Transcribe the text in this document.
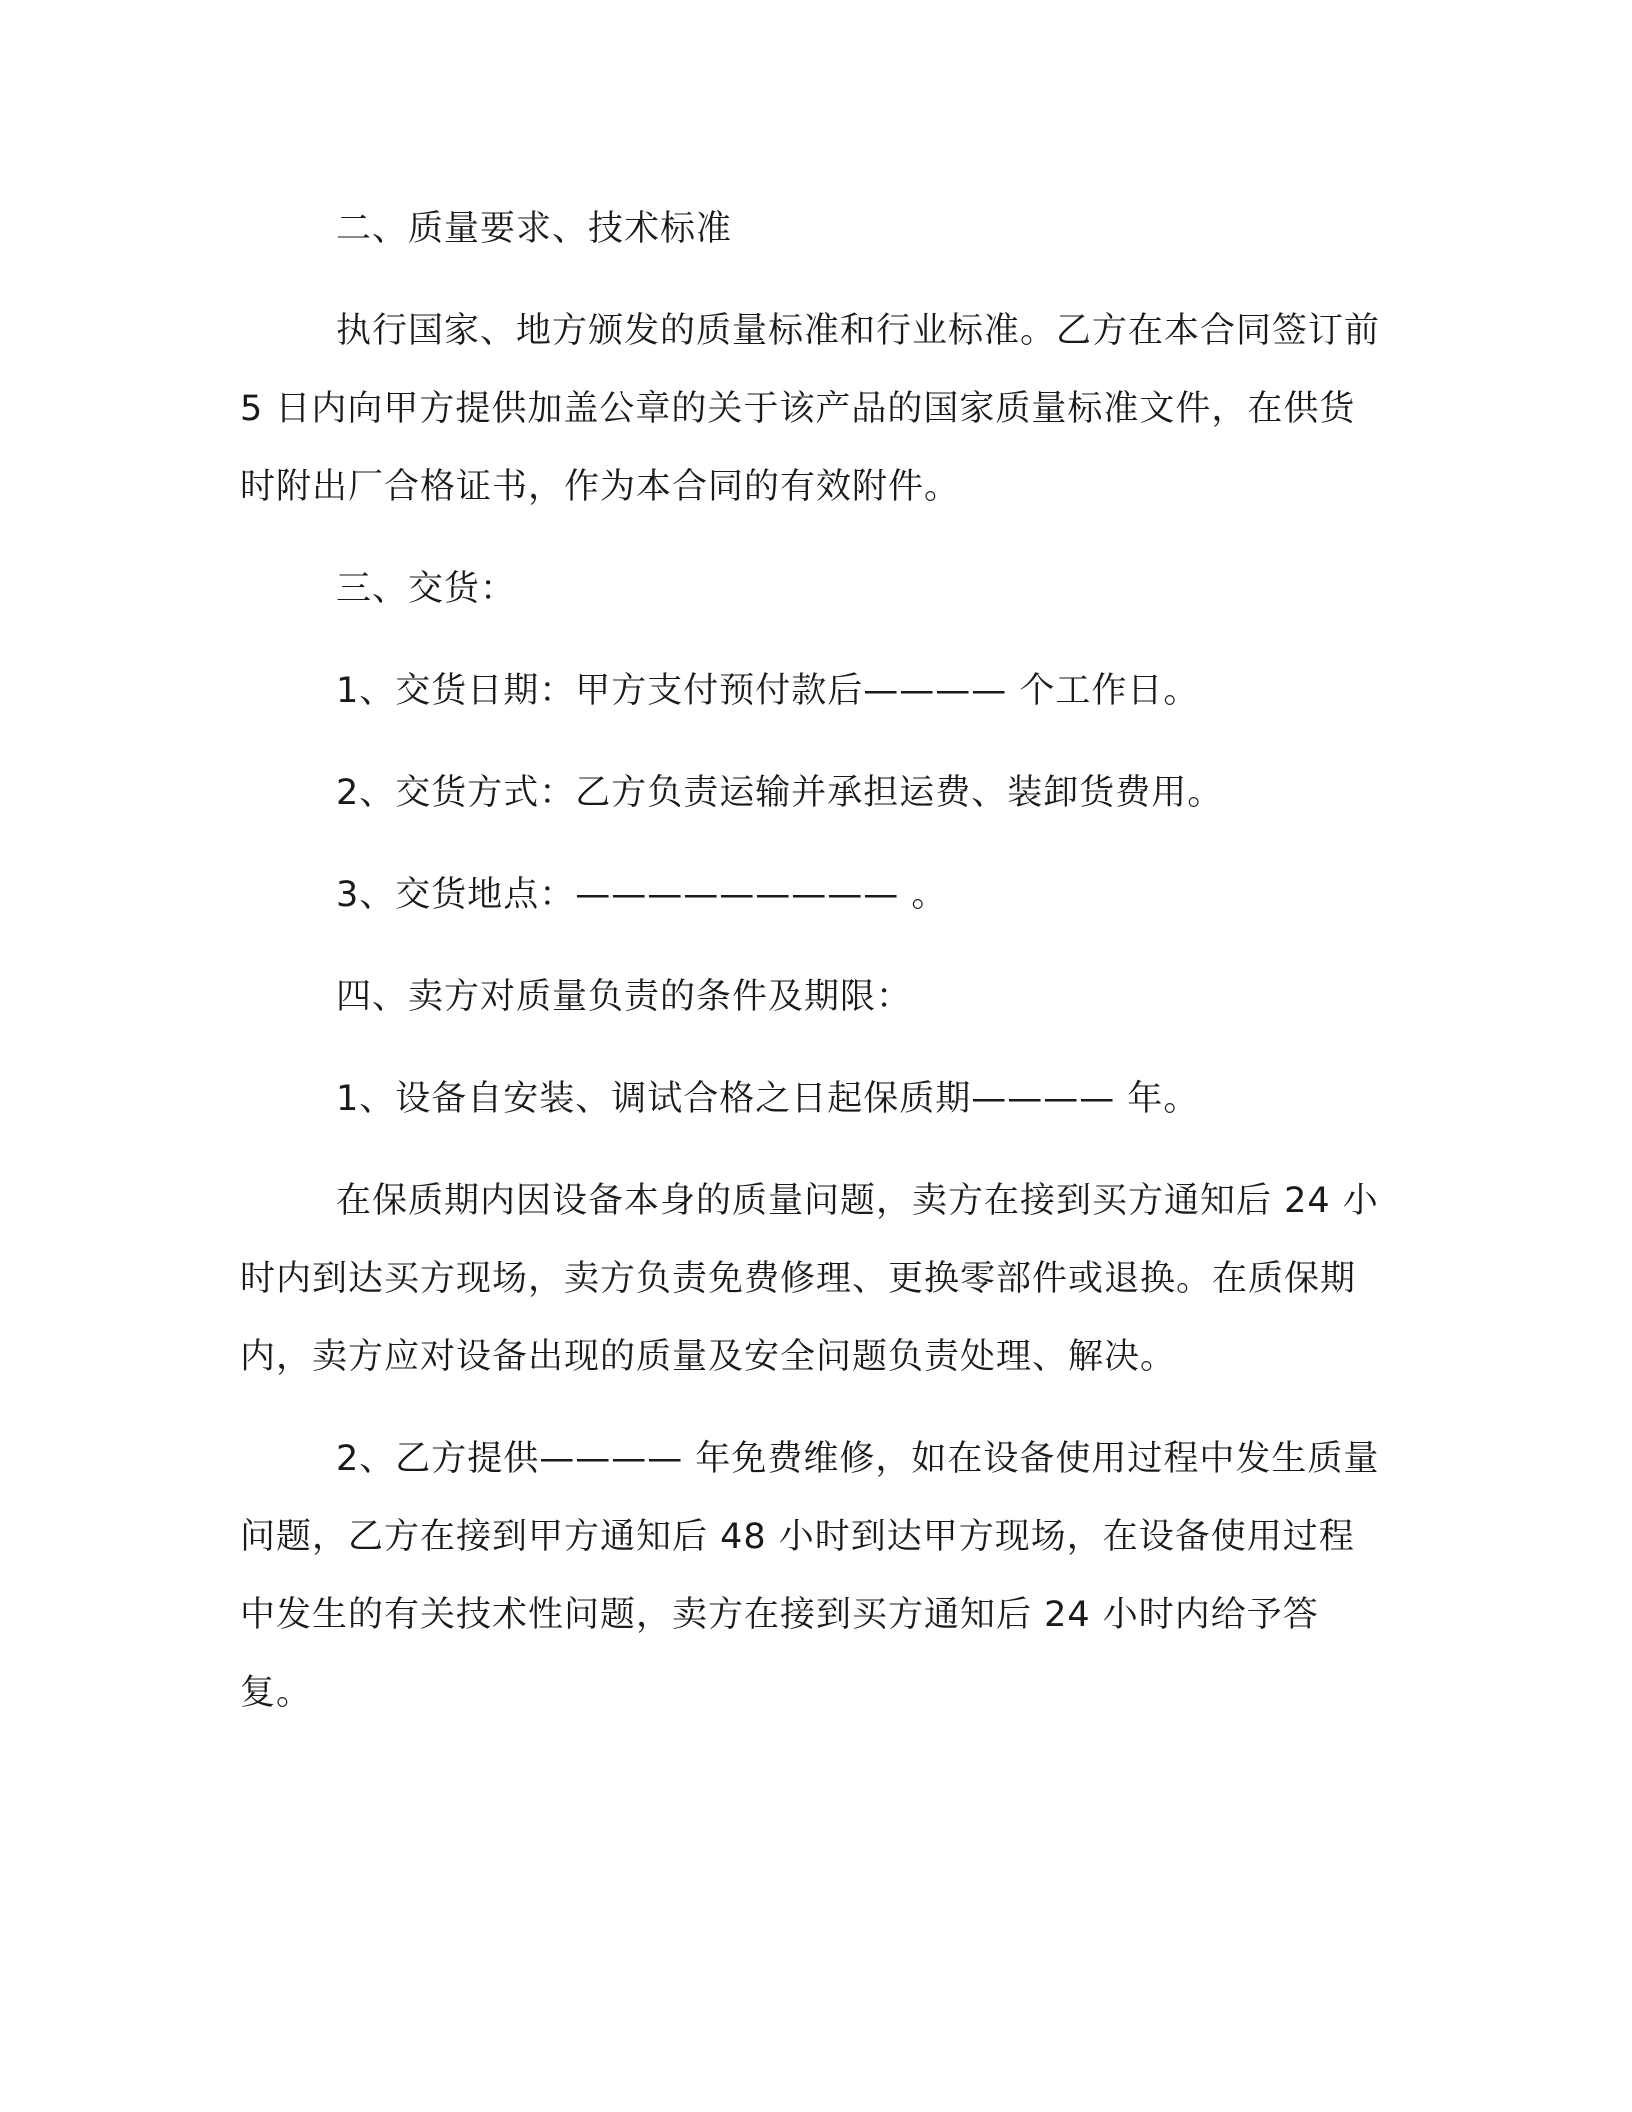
二、质量要求、技术标准

执行国家、地方颁发的质量标准和行业标准。乙方在本合同签订前 5 日内向甲方提供加盖公章的关于该产品的国家质量标准文件，在供货时附出厂合格证书，作为本合同的有效附件。

三、交货：

1、交货日期：甲方支付预付款后———— 个工作日。

2、交货方式：乙方负责运输并承担运费、装卸货费用。

3、交货地点：————————— 。

四、卖方对质量负责的条件及期限：

1、设备自安装、调试合格之日起保质期———— 年。

在保质期内因设备本身的质量问题，卖方在接到买方通知后 24 小时内到达买方现场，卖方负责免费修理、更换零部件或退换。在质保期内，卖方应对设备出现的质量及安全问题负责处理、解决。

2、乙方提供———— 年免费维修，如在设备使用过程中发生质量问题，乙方在接到甲方通知后 48 小时到达甲方现场，在设备使用过程中发生的有关技术性问题，卖方在接到买方通知后 24 小时内给予答复。
